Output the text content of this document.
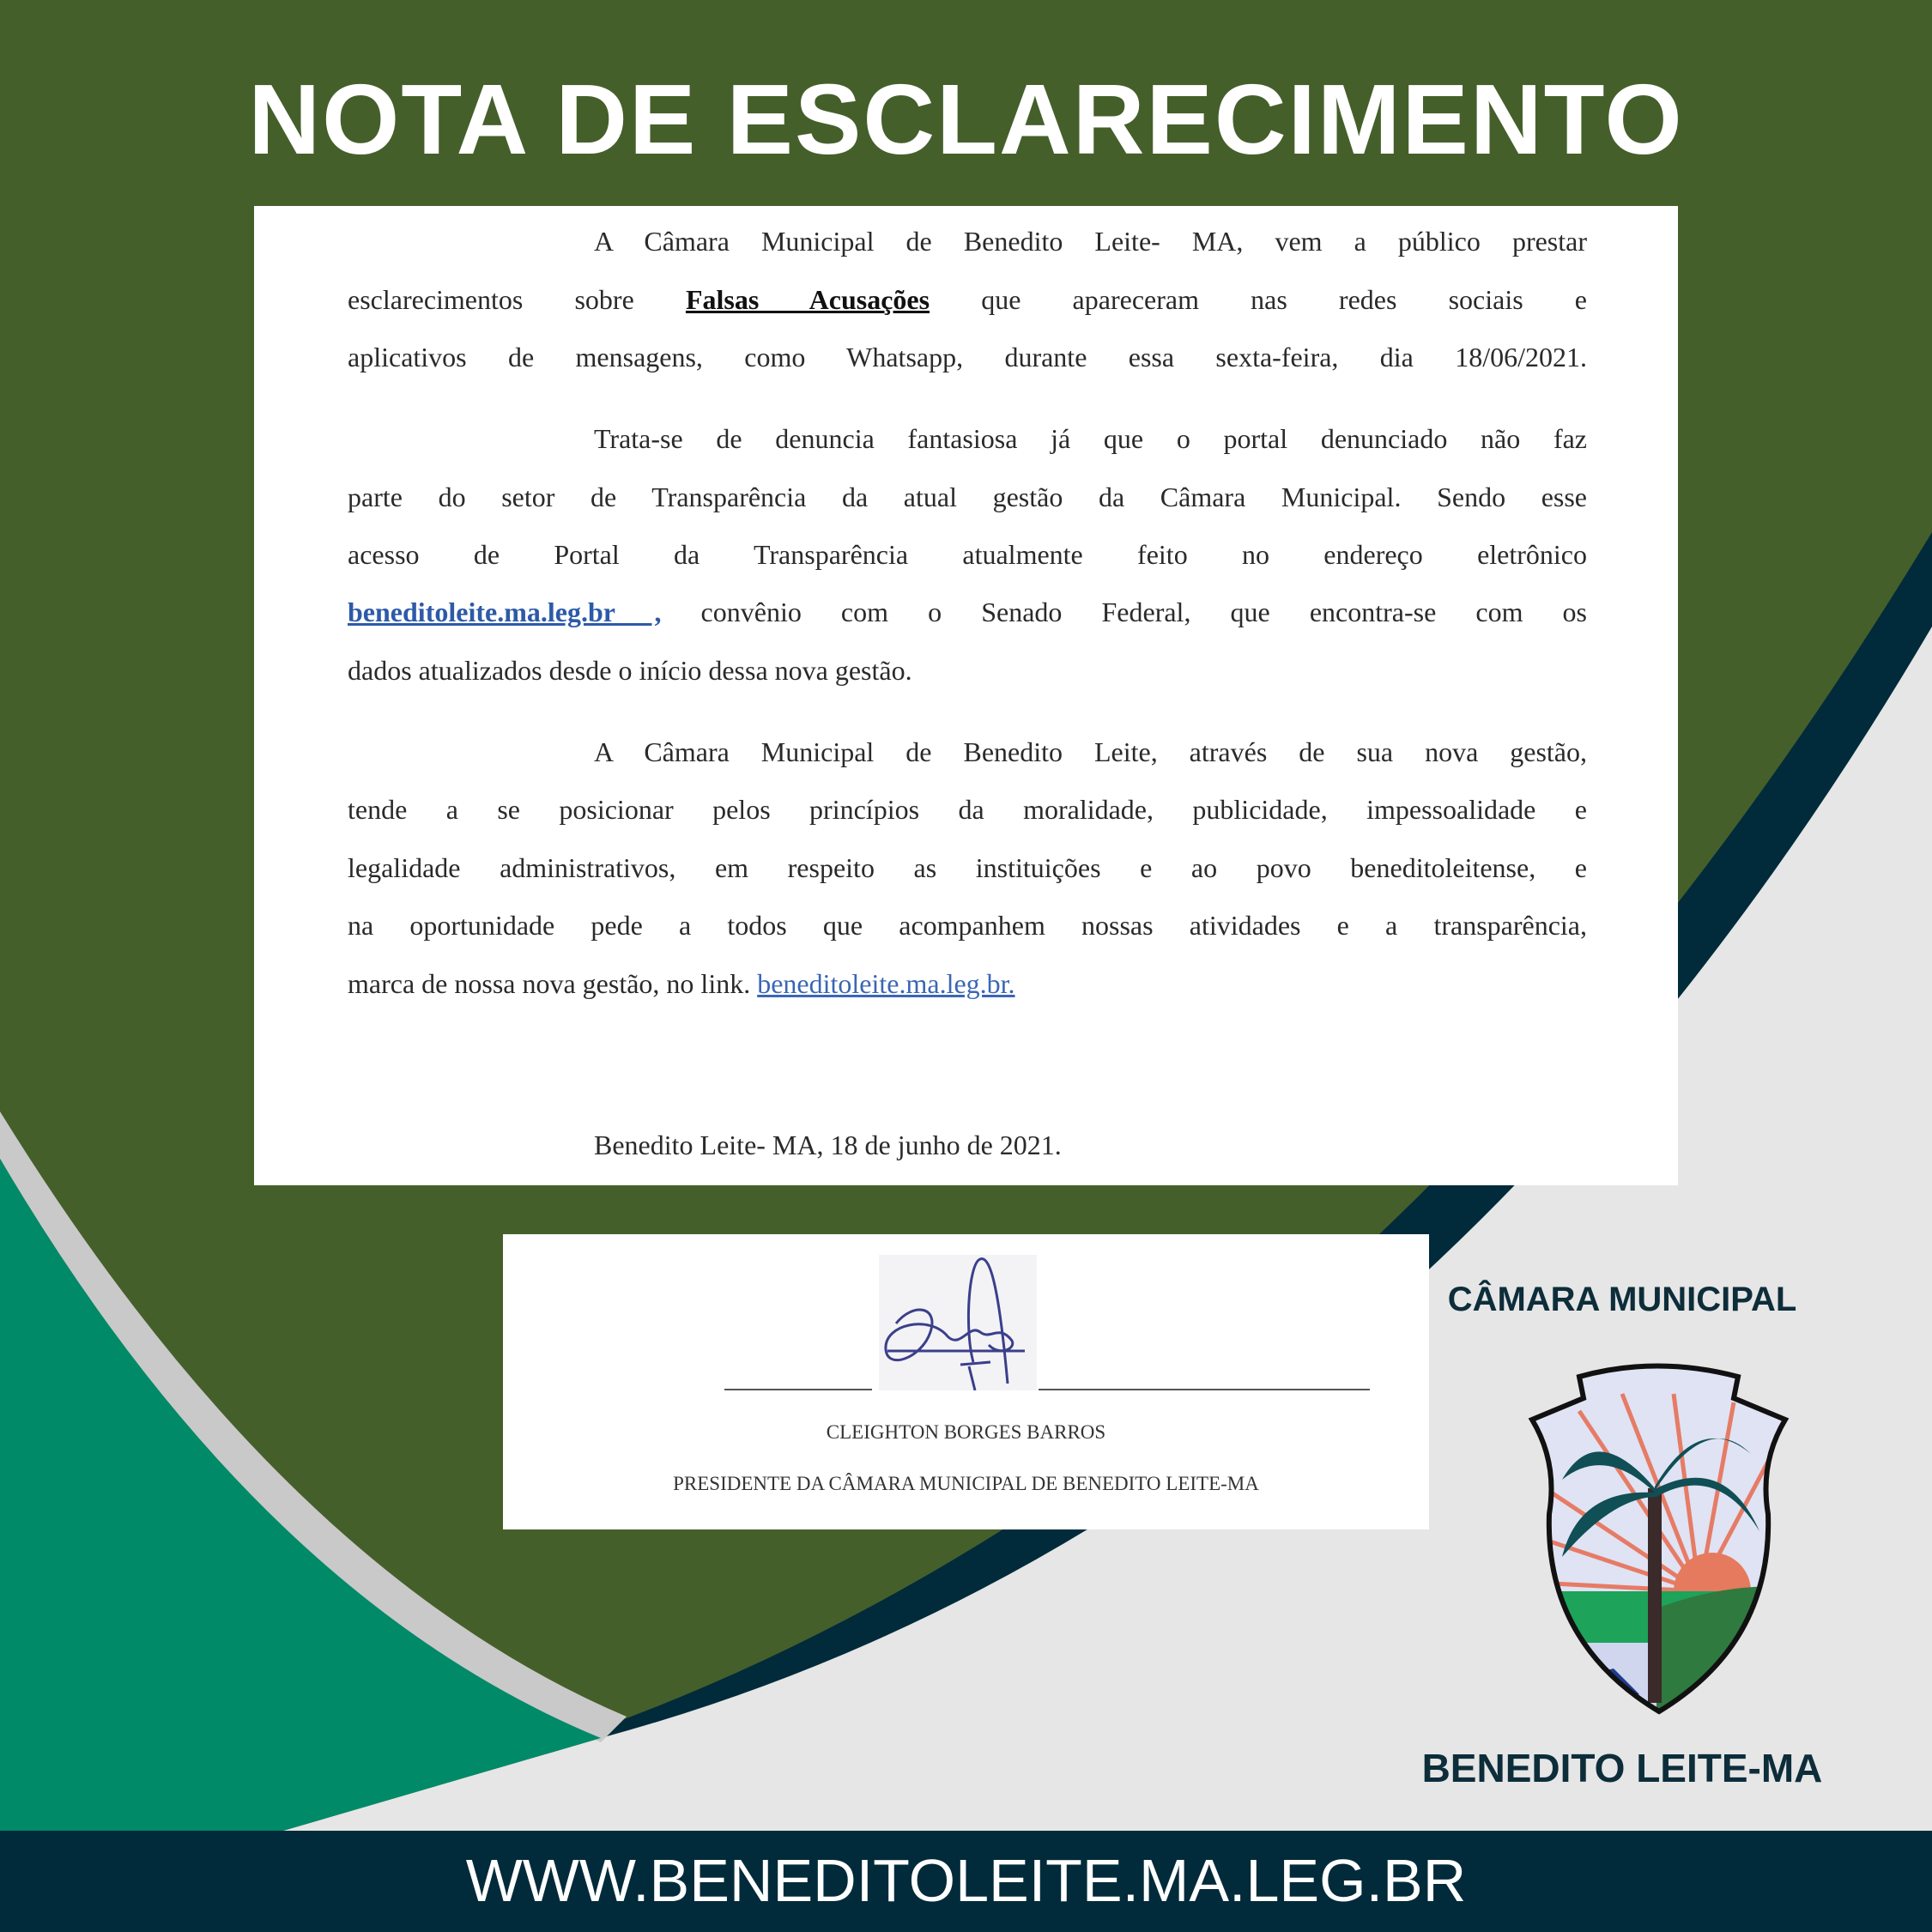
NOTA DE ESCLARECIMENTO
A Câmara Municipal de Benedito Leite- MA, vem a público prestar
esclarecimentos sobre Falsas Acusações que apareceram nas redes sociais e
aplicativos de mensagens, como Whatsapp, durante essa sexta-feira, dia 18/06/2021.
Trata-se de denuncia fantasiosa já que o portal denunciado não faz
parte do setor de Transparência da atual gestão da Câmara Municipal. Sendo esse
acesso de Portal da Transparência atualmente feito no endereço eletrônico
beneditoleite.ma.leg.br , convênio com o Senado Federal, que encontra-se com os
dados atualizados desde o início dessa nova gestão.
A Câmara Municipal de Benedito Leite, através de sua nova gestão,
tende a se posicionar pelos princípios da moralidade, publicidade, impessoalidade e
legalidade administrativos, em respeito as instituições e ao povo beneditoleitense, e
na oportunidade pede a todos que acompanhem nossas atividades e a transparência,
marca de nossa nova gestão, no link. beneditoleite.ma.leg.br.
Benedito Leite- MA, 18 de junho de 2021.
CLEIGHTON BORGES BARROS
PRESIDENTE DA CÂMARA MUNICIPAL DE BENEDITO LEITE-MA
CÂMARA MUNICIPAL
BENEDITO LEITE-MA
WWW.BENEDITOLEITE.MA.LEG.BR
